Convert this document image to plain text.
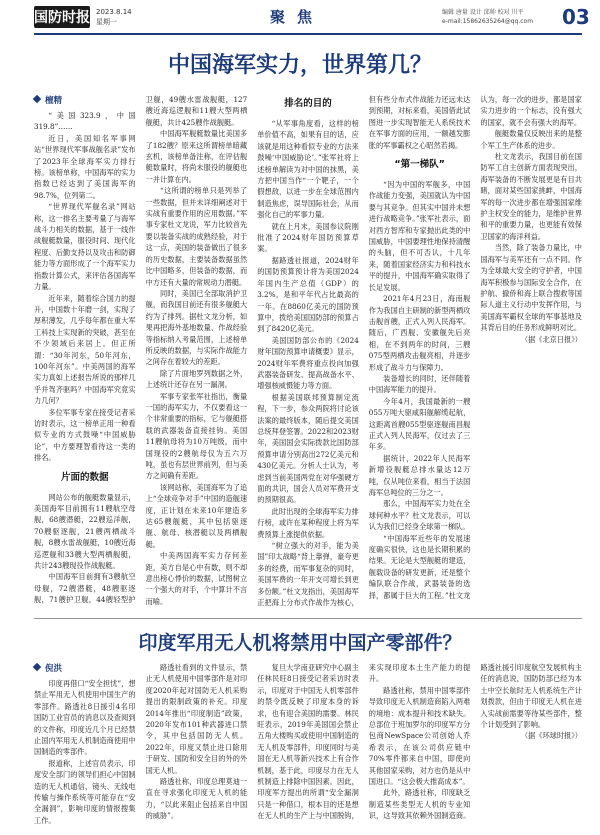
国防时报 2023.8.14
星期一	聚焦	编辑 唐量 设计 邱帅 校对 川平
e-mail:15862635264@qq.com 03
中国海军实力，世界第几？

檀精

“美国323.9，中国319.8”……

近日，美国知名军事网站“世界现代军事战舰名录”发布了2023年全球海军实力排行榜。该榜单称，中国海军的实力指数已经达到了美国海军的98.7%，位列第二。

“世界现代军舰名录”网站称，这一排名主要考量了与海军战斗力相关的数据，基于一线作战舰艇数量，服役时间、现代化程度、后勤支持以及攻击和防御能力等方面形成了一个海军实力指数计算公式，来评估各国海军力量。

近年来，随着综合国力的提升，中国数十年磨一剑，实现了厚积薄发，几乎每年都在重大军工科技上实现新的突破，甚至在不少领域后来居上。但正所谓：“30年河东，50年河东，100年河东”。中美两国的海军实力真如上述报告所说的那样几乎并驾齐驱吗？中国海军究竟实力几何？

多位军事专家在接受记者采访时表示，这一榜单正用一种看似专业的方式鼓噪“中国威胁论”，中方要理智看待这一类的排名。

片面的数据

网站公布的舰艇数量显示，美国海军目前拥有11艘航空母舰，68艘潜艇，22艘巡洋舰，70艘驱逐舰，21艘两栖战斗舰，8艘水雷战舰艇，10艘近海巡逻舰和33艘大型两栖舰艇，共计243艘现役作战舰艇。

中国海军目前拥有3艘航空母舰，72艘潜艇，48艘驱逐舰，71艘护卫舰，44艘轻型护卫舰，49艘水雷战舰艇，127艘近海巡逻舰和11艘大型两栖舰艇，共计425艘作战舰艇。

中国海军舰艇数量比美国多了182艘？原来这所谓榜单暗藏玄机，该榜单备注称，在评估舰艇数量时，将尚未服役的舰艇也一并计算在内。

“这所谓的榜单只是列举了一些数据，但并未详细阐述对于实战有重要作用的应用数据。”军事专家杜文龙说，军力比较首先要以装备实战的成熟经验，对于这一点，美国的装备做出了很多的历史数据，主要装备数据虽然比中国略多，但装备的数据，而中方还有大量的常规动力潜艇。

同时，美国已全部取消护卫舰，而我国目前还有很多舰艇大约为了排列。据杜文龙分析，如果再把海外基地数量、作战经验等指标纳入考量范围，上述榜单所反映的数据，与实际作战能力之间存在着较大的差距。

除了片面地罗列数据之外，上述统计还存在另一漏洞。

军事专家张军社指出，衡量一国的海军实力，不仅要看这一个非常重要的指标，它与舰艇搭载的武器装备直接挂钩。美国11艘航母将为10万吨级，而中国现役的2艘航母仅为五六万吨，虽也有层世界前列，但与美方之间确有差距。

该网站称，美国海军为了追上“全球竞争对手”中国的造舰速度，正计划在未来10年建造多达65艘舰艇，其中包括驱逐舰、航母、核潜艇以及两栖舰艇。

中美两国海军实力存何差距，美方自是心中有数，则不却意出榜心悸价的数据，试图树立一个强大的对手，个中算计不言而喻。

排名的目的

“从军事角度看，这样的榜单价值不高，如果有目的话，应该就是用这种看似专业的方法来鼓噪‘中国威胁论’。”张军社将上述榜单解读为对中国的抹黑，美方把中国当作“一个靶子，一个假想敌，以进一步在全球范围内制造焦虑，误导国际社会，从而强化自己的军事力量。

就在上月末，美国参议院刚批准了2024财年国防预算草案。

据路透社报道，2024财年的国防预算预计将为美国2024年国内生产总值（GDP）的3.2%，是和平年代占比最高的一年。在8860亿美元的国防预算中，拨给美国国防部的预算占到了8420亿美元。

美国国防部公布的《2024财年国防预算申请概要》显示，2024财年军费将重点投向加强武器装备研发、提高战备水平、增强核威慑能力等方面。

根据美国联邦预算制定流程，下一步，参众两院将讨论该法案的最终版本，随后提交美国总统拜登签署。2022和2023财年，美国国会实际拨款比国防部预算申请分别高出272亿美元和430亿美元。分析人士认为，考虑到当前美国两党在对华强硬方面的共识，国会人员对军费开支的预期很高。

此时出现的全球海军实力排行榜，或许在某种程度上将为军费预算上涨提供依据。

“树立强大的对手，能为美国”印太战略“背上靠弹，豪夸更多的经费，而军事复杂的同时，美国军费的一年开支可增长到更多份额。”杜文龙指出，美国海军正把海上分布式作战作为核心，但有些分布式作战能力还远未达到预期，对标来看，美国借此试图进一步实现智能无人系统技术在军事方面的应用，一额越发膨胀的军事霸权之心昭然若揭。

“第一梯队”

“因为中国的军舰多，中国作战能力变强，美国就认为中国要与其竞争。但其实中国并未想进行战略竞争。”张军社表示，面对西方智库和专家抛出此类的中国威胁，中国要理性地保持清醒的头脑，但不可否认，十几年来，随着国家经济实力和科技水平的提升，中国海军确实取得了长足发展。

2021年4月23日，海南舰作为我国自主研制的新型两栖攻击舰首艘，正式入列人民海军。随后，广西舰、安徽舰先后亮相，在不到两年的时间，三艘075型两栖攻击舰亮相，并逐步形成了战斗力与保障力。

装备增长的同时，还伴随着中国海军能力的提升。

今年4月，我国最新的一艘055万吨大驱咸阳舰解缆起航，这距离首艘055型驱逐舰南昌舰正式入列人民海军，仅过去了三年多。

据统计，2022年人民海军新增役舰艇总排水量达12万吨，仅从吨位来看，相当于法国海军总吨位的三分之一。

那么，中国海军实力处在全球何种水平？杜文龙表示，可以认为我们已经身全球第一梯队。

“中国海军近些年的发展速度确实很快，这也是长期积累的结果。无论是大型舰艇的建造，舰载设备的研发更新，还是整个编队联合作战，武器装备的选择，都属于巨大的工程。”杜文龙认为，每一次的进步，都是国家实力进步的一个标志，没有强大的国家，就不会有强大的海军。

舰艇数量仅反映出来的是整个军工生产体系的进步。

杜文龙表示，我国目前在国防军工自主创新方面表现突出，海军装备的不断发展更是有目共睹，面对某些国家挑衅，中国海军的每一次进步都在增强国家维护主权安全的能力，是维护世界和平的重要力量，也更能有效保卫国家的海洋利益。

当然，除了装备力量比，中国海军与美军还有一点不同。作为全球最大安全的守护者，中国海军积极参与国际安全合作，在护航、撤侨和海上联合搜救等国际人道主义行动中发挥作用，与美国海军霸权全球的军事基地及其背后目的任务形成鲜明对比。

（据《北京日报》）

印度军用无人机将禁用中国产零部件？

倪洪

印度再借口“安全担忧”，想禁止军用无人机使用中国生产的零部件。路透社8日援引4名印国防工业官员的消息以及查阅到的文件称，印度近几个月已经禁止国内军用无人机制造商使用中国制造的零部件。

报道称，上述官员表示，印度安全部门的领导们担心中国制造的无人机通信、镜头、无线电传输与操作系统等可能存在“安全漏洞”，影响印度的情报搜集工作。

路透社看到的文件显示，禁止无人机使用中国零部件是对印度2020年起对国防无人机采购提出的限制政策的补充。印度2014年推出“印度制造”政策，2020年发布101种武器进口禁令，其中包括国防无人机。2022年，印度又禁止进口除用于研发、国防和安全目的外的外国无人机。

路透社称，印度总理莫迪一直在寻求强化印度无人机的能力，“以此来阻止包括来自中国的威胁”。

复旦大学南亚研究中心副主任林民旺8日接受记者采访时表示，印度对于中国无人机零部件的禁令既反映了印度本身的诉求，也有迎合美国的需要。林民旺表示，2019年美国国会禁止五角大楼购买或使用中国制造的无人机及零部件，印度同时与美国在无人机等新兴技术上有合作机制，基于此，印度尽力在无人机制造上排除中国因素。因此，印度军方提出的所谓“安全漏洞只是一种借口，根本目的还是想在无人机的生产上与中国脱钩，来实现印度本土生产能力的提升。

路透社称，禁用中国零部件导致印度无人机制造商陷入两难的境地：成本提升和技术缺失。总部位于班加罗尔的印度军方分包商NewSpace公司创始人乔希表示，在该公司供应链中70%零件都来自中国，即使向其他国家采购，对方也仍是从中国进口。“这会极大推高成本”。

此外，路透社称，印度缺乏制造某些类型无人机的专业知识，这导致其依赖外国制造商。路透社援引印度航空发展机构主任的消息说，国防防部已经为本土中空长航时无人机系统生产计划拨款，但由于印度无人机在进入实战前需要等待某些部件，整个计划受到了影响。

（据《环球时报》）
